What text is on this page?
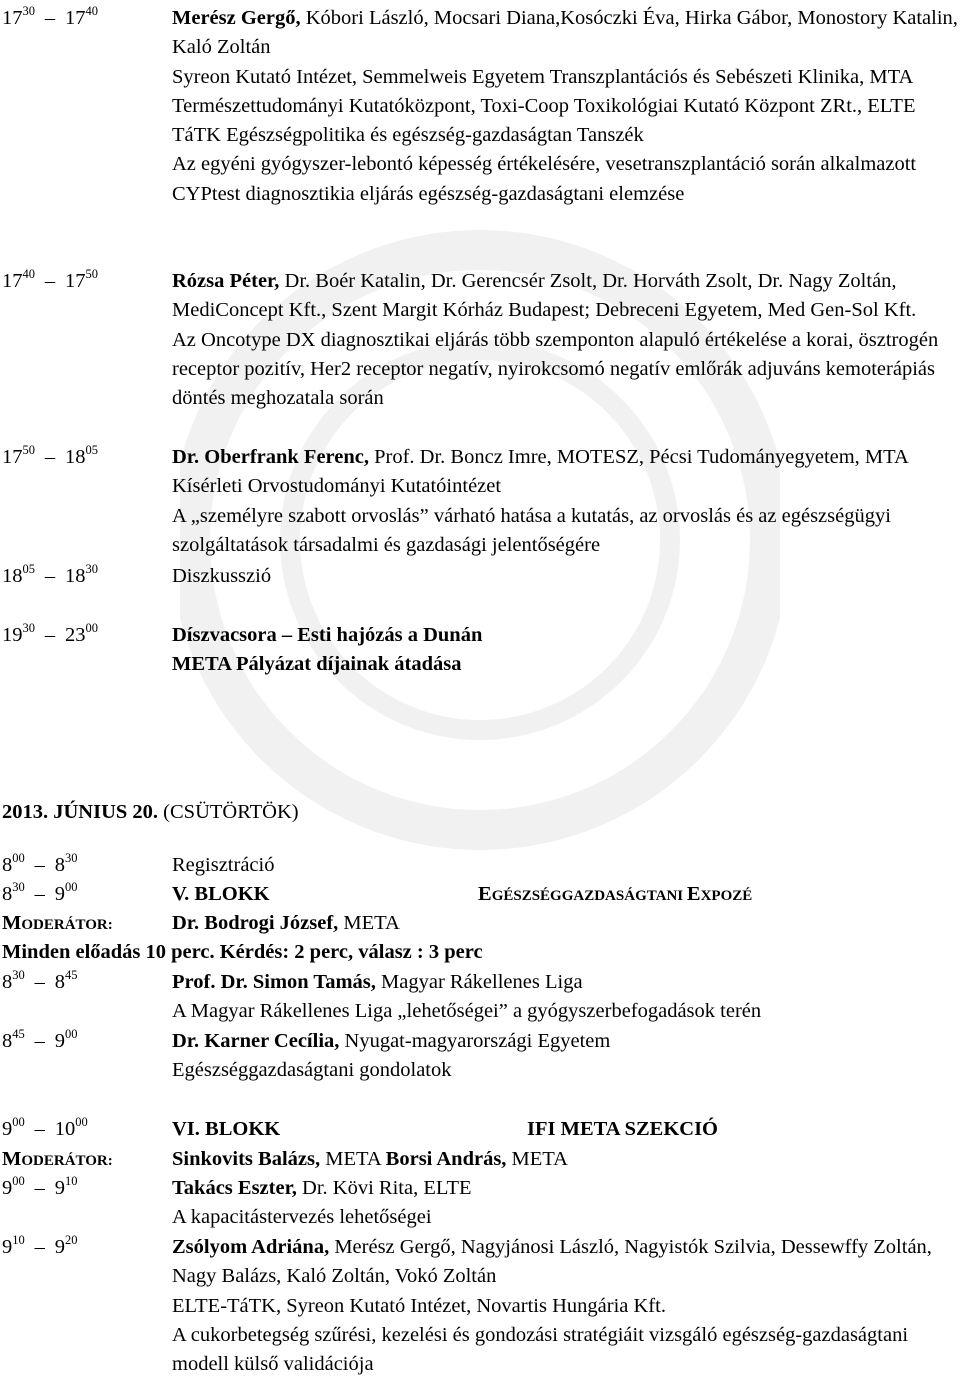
$17^{30} - 17^{40}$	Merész Gergő, Kóbori László, Mocsari Diana,Kosóczki Éva, Hirka Gábor, Monostory Katalin, Kaló Zoltán
Syreon Kutató Intézet, Semmelweis Egyetem Transzplantációs és Sebészeti Klinika, MTA Természettudományi Kutatóközpont, Toxi-Coop Toxikológiai Kutató Központ ZRt., ELTE TáTK Egészségpolitika és egészség-gazdaságtan Tanszék
Az egyéni gyógyszer-lebontó képesség értékelésére, vesetranszplantáció során alkalmazott CYPtest diagnosztikia eljárás egészség-gazdaságtani elemzése
$17^{40} - 17^{50}$	Rózsa Péter, Dr. Boér Katalin, Dr. Gerencsér Zsolt, Dr. Horváth Zsolt, Dr. Nagy Zoltán, MediConcept Kft., Szent Margit Kórház Budapest; Debreceni Egyetem, Med Gen-Sol Kft.
Az Oncotype DX diagnosztikai eljárás több szemponton alapuló értékelése a korai, ösztrogén receptor pozitív, Her2 receptor negatív, nyirokcsomó negatív emlőrák adjuváns kemoterápiás döntés meghozatala során
$17^{50} - 18^{05}$	Dr. Oberfrank Ferenc, Prof. Dr. Boncz Imre, MOTESZ, Pécsi Tudományegyetem, MTA Kísérleti Orvostudományi Kutatóintézet
A „személyre szabott orvoslás” várható hatása a kutatás, az orvoslás és az egészségügyi szolgáltatások társadalmi és gazdasági jelentőségére
$18^{05} - 18^{30}$	Diszkusszió
$19^{30} - 23^{00}$	Díszvacsora – Esti hajózás a Dunán
META Pályázat díjainak átadása
2013. JÚNIUS 20. (CSÜTÖRTÖK)
$8^{00} - 8^{30}$	Regisztráció
$8^{30} - 9^{00}$	V. BLOKK	EGÉSZSÉGGAZDASÁGTANI EXPOZÉ
MODERÁTOR:	Dr. Bodrogi József, META
Minden előadás 10 perc. Kérdés: 2 perc, válasz : 3 perc
$8^{30} - 8^{45}$	Prof. Dr. Simon Tamás, Magyar Rákellenes Liga
A Magyar Rákellenes Liga „lehetőségei” a gyógyszerbefogadások terén
$8^{45} - 9^{00}$	Dr. Karner Cecília, Nyugat-magyarországi Egyetem
Egészséggazdaságtani gondolatok
$9^{00} - 10^{00}$	VI. BLOKK	IFI META SZEKCIÓ
MODERÁTOR:	Sinkovits Balázs, META Borsi András, META
$9^{00} - 9^{10}$	Takács Eszter, Dr. Kövi Rita, ELTE
A kapacitástervezés lehetőségei
$9^{10} - 9^{20}$	Zsólyom Adriána, Merész Gergő, Nagyjánosi László, Nagyistók Szilvia, Dessewffy Zoltán, Nagy Balázs, Kaló Zoltán, Vokó Zoltán
ELTE-TáTK, Syreon Kutató Intézet, Novartis Hungária Kft.
A cukorbetegség szűrési, kezelési és gondozási stratégiáit vizsgáló egészség-gazdaságtani modell külső validációja
